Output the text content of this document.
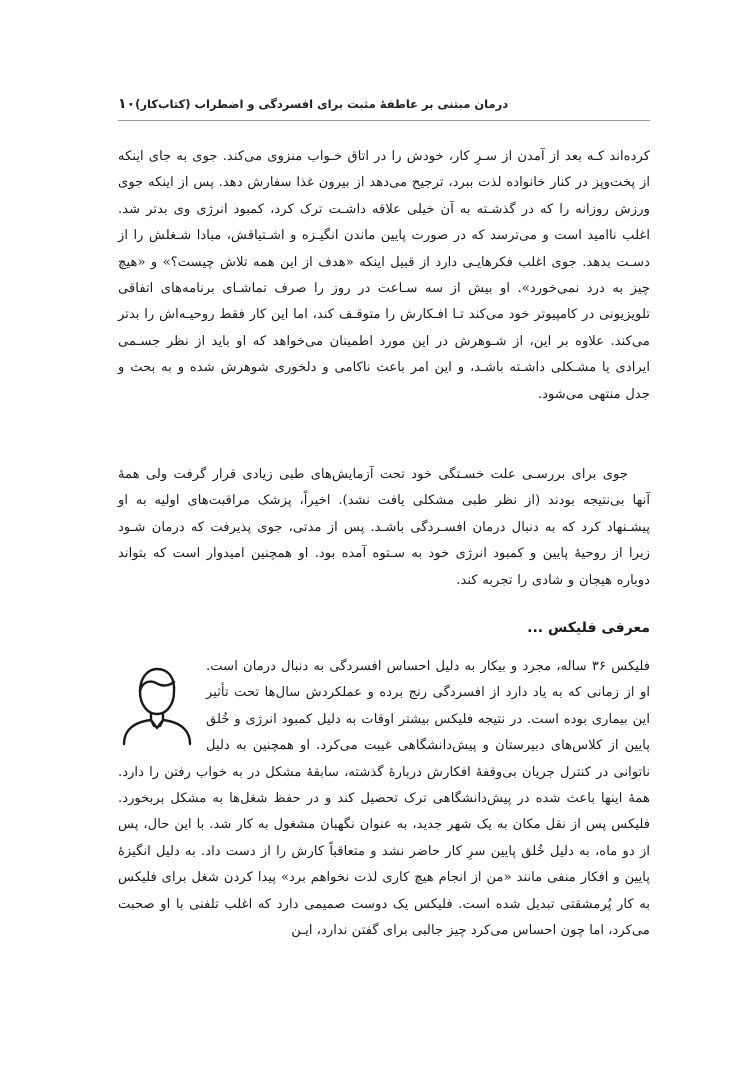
۱۰ درمان مبتنی بر عاطفهٔ مثبت برای افسردگی و اضطراب (کتاب‌کار)

کرده‌اند کـه بعد از آمدن از سـرِ کار، خودش را در اتاق خـواب منزوی می‌کند. جوی به جای اینکه از پخت‌وپز در کنار خانواده لذت ببرد، ترجیح می‌دهد از بیرون غذا سفارش دهد. پس از اینکه جوی ورزش روزانه را که در گذشـته به آن خیلی علاقه داشـت ترک کرد، کمبود انرژی وی بدتر شد. اغلب ناامید است و می‌ترسد که در صورت پایین ماندن انگیـزه و اشـتیاقش، مبادا شـغلش را از دسـت بدهد. جوی اغلب فکرهایـی دارد از قبیل اینکه «هدف از این همه تلاش چیست؟» و «هیچ چیز به درد نمی‌خورد». او بیش از سه سـاعت در روز را صرف تماشـای برنامه‌های اتفاقی تلویزیونی در کامپیوتر خود می‌کند تـا افـکارش را متوقـف کند، اما این کار فقط روحیـه‌اش را بدتر می‌کند. علاوه بر این، از شـوهرش در این مورد اطمینان می‌خواهد که او باید از نظر جسـمی ایرادی یا مشـکلی داشـته باشـد، و این امر باعث ناکامی و دلخوری شوهرش شده و به بحث و جدل منتهی می‌شود.

جوی برای بررسـی علت خسـتگی خود تحت آزمایش‌های طبی زیادی قرار گرفت ولی همهٔ آنها بی‌نتیجه بودند (از نظر طبی مشکلی یافت نشد). اخیراً، پزشک مراقبت‌های اولیه به او پیشـنهاد کرد که به دنبال درمان افسـردگی باشـد. پس از مدتی، جوی پذیرفت که درمان شـود زیرا از روحیهٔ پایین و کمبود انرژی خود به سـتوه آمده بود. او همچنین امیدوار است که بتواند دوباره هیجان و شادی را تجربه کند.

معرفی فلیکس ...

فلیکس ۳۶ ساله، مجرد و بیکار به دلیل احساس افسردگی به دنبال درمان است. او از زمانی که به یاد دارد از افسردگی رنج برده و عملکردش سال‌ها تحت تأثیر این بیماری بوده است. در نتیجه فلیکس بیشتر اوقات به دلیل کمبود انرژی و خُلق پایین از کلاس‌های دبیرستان و پیش‌دانشگاهی غیبت می‌کرد. او همچنین به دلیل ناتوانی در کنترل جریان بی‌وقفهٔ افکارش دربارهٔ گذشته، سابقهٔ مشکل در به خواب رفتن را دارد. همهٔ اینها باعث شده در پیش‌دانشگاهی ترک تحصیل کند و در حفظ شغل‌ها به مشکل بربخورد. فلیکس پس از نقل مکان به یک شهر جدید، به عنوان نگهبان مشغول به کار شد. با این حال، پس از دو ماه، به دلیل خُلق پایین سرِ کار حاضر نشد و متعاقباً کارش را از دست داد. به دلیل انگیزهٔ پایین و افکار منفی مانند «من از انجام هیچ کاری لذت نخواهم برد» پیدا کردن شغل برای فلیکس به کار پُرمشقتی تبدیل شده است. فلیکس یک دوست صمیمی دارد که اغلب تلفنی با او صحبت می‌کرد، اما چون احساس می‌کرد چیز جالبی برای گفتن ندارد، ایـن
